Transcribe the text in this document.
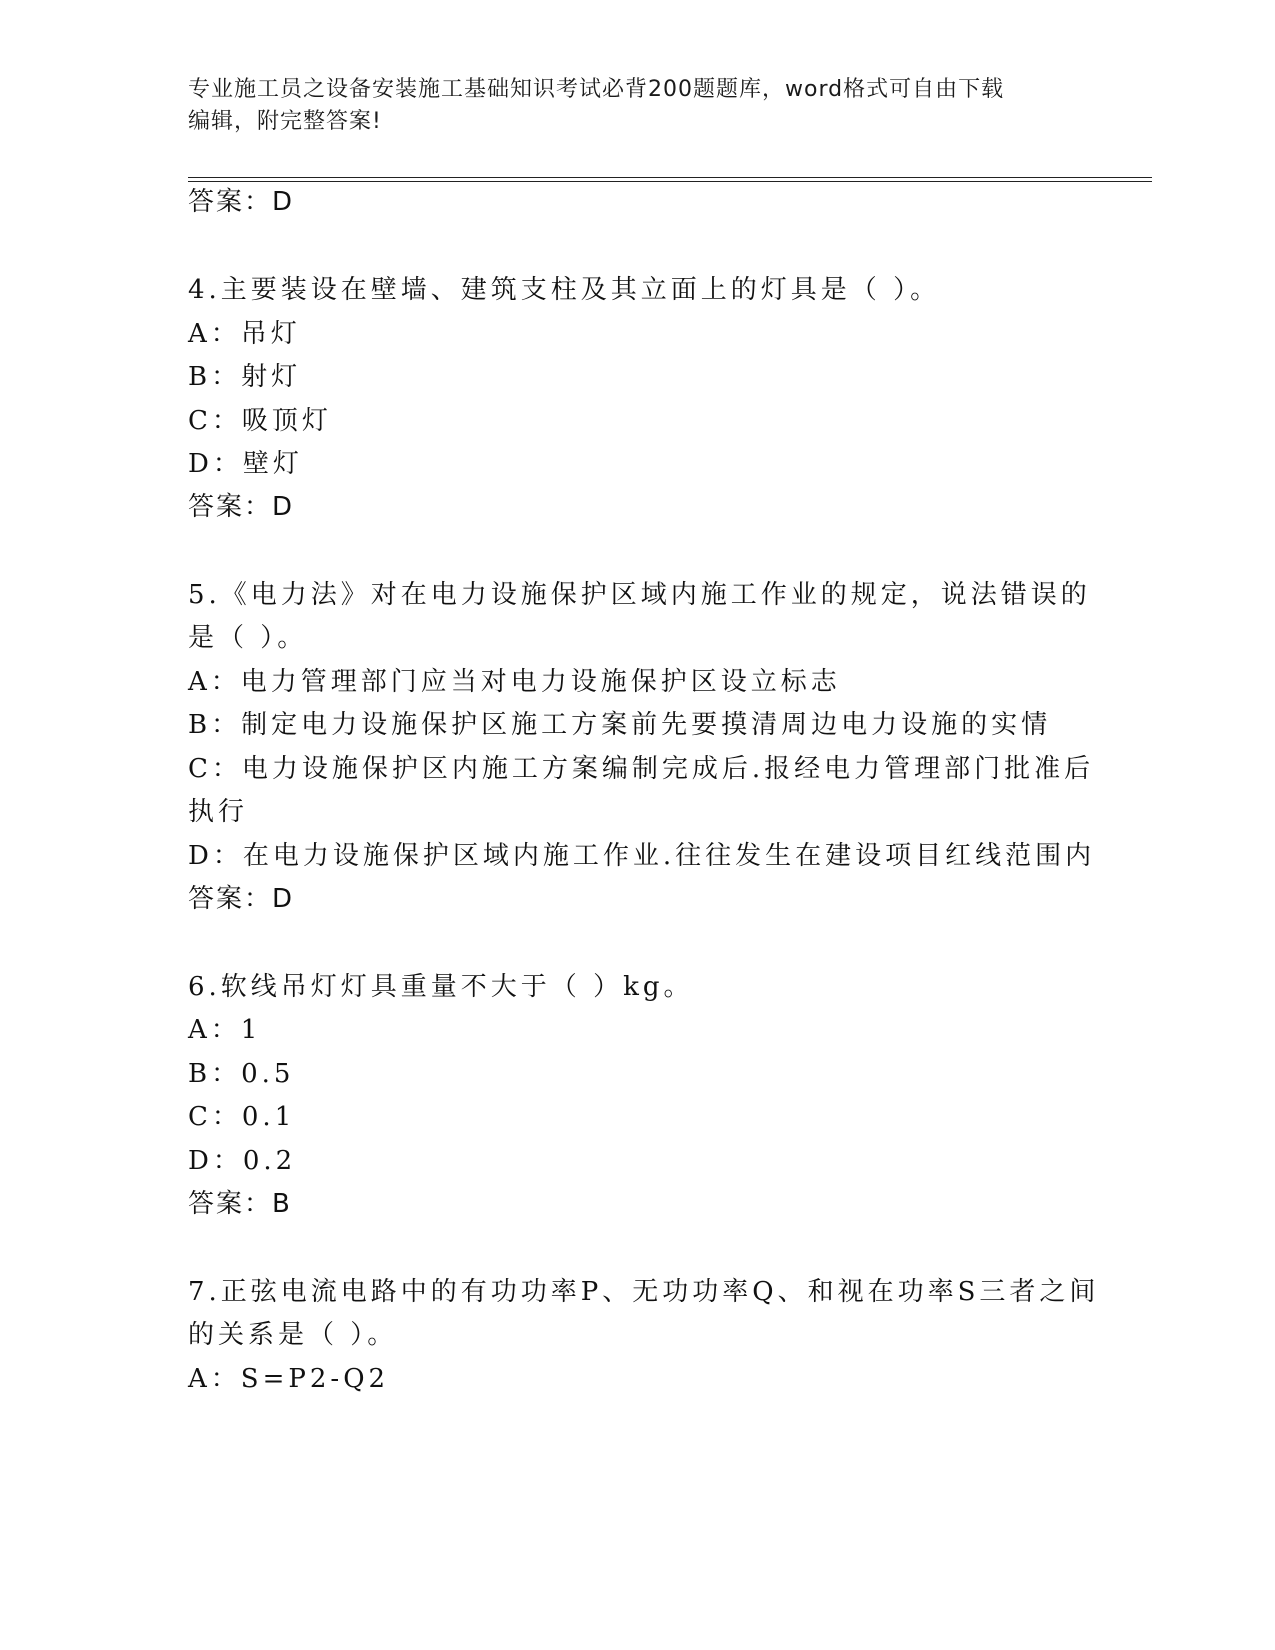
专业施工员之设备安装施工基础知识考试必背200题题库，word格式可自由下载
编辑，附完整答案!
答案：D
4.主要装设在壁墙、建筑支柱及其立面上的灯具是（ ）。
A：吊灯
B：射灯
C：吸顶灯
D：壁灯
答案：D
5.《电力法》对在电力设施保护区域内施工作业的规定，说法错误的
是（ ）。
A：电力管理部门应当对电力设施保护区设立标志
B：制定电力设施保护区施工方案前先要摸清周边电力设施的实情
C：电力设施保护区内施工方案编制完成后.报经电力管理部门批准后
执行
D：在电力设施保护区域内施工作业.往往发生在建设项目红线范围内
答案：D
6.软线吊灯灯具重量不大于（ ）kg。
A：1
B：0.5
C：0.1
D：0.2
答案：B
7.正弦电流电路中的有功功率P、无功功率Q、和视在功率S三者之间
的关系是（ ）。
A：S=P2-Q2
